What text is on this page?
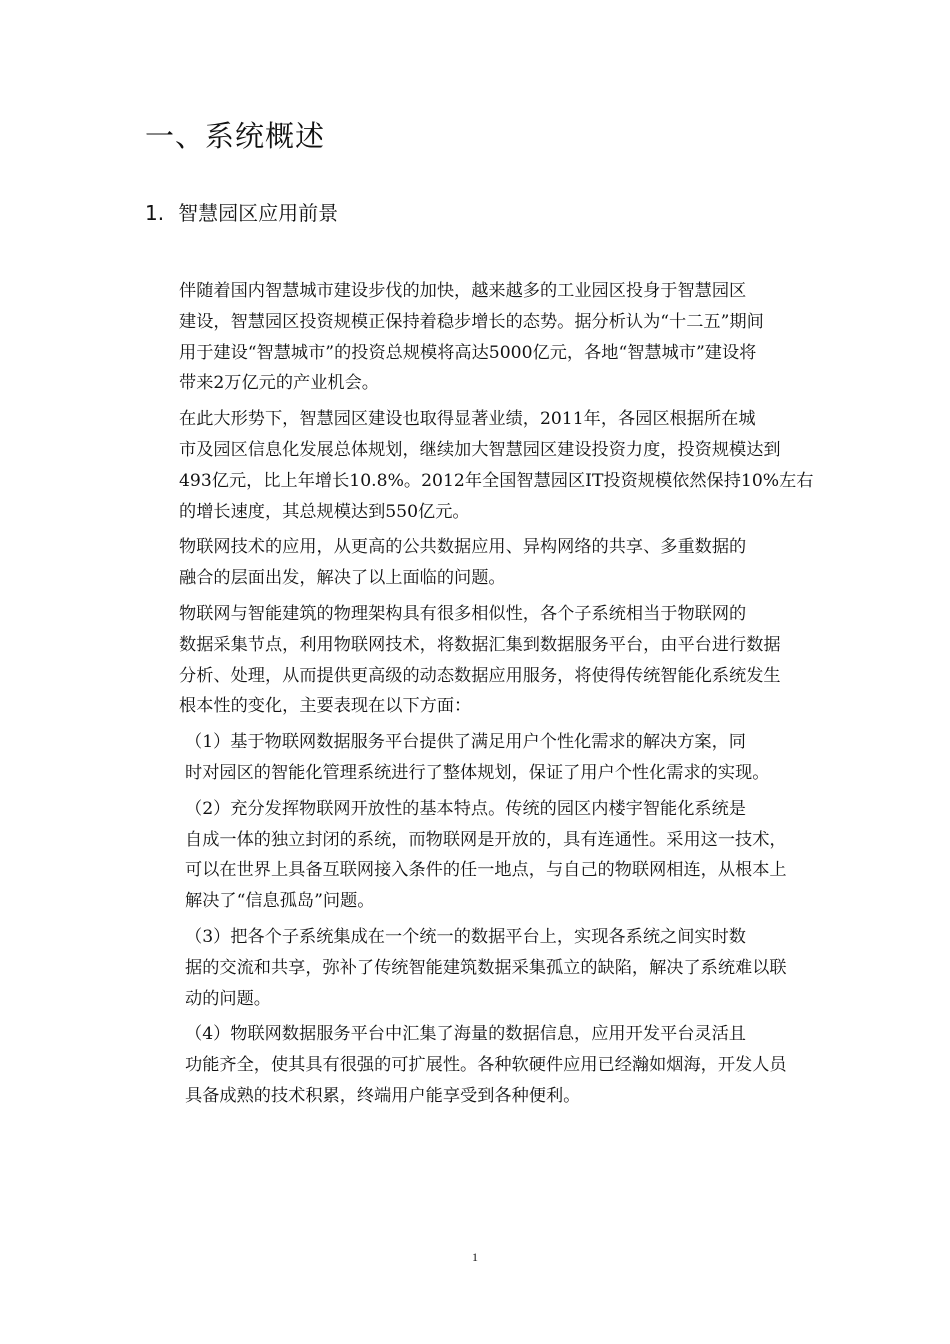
一、系统概述
1. 智慧园区应用前景

伴随着国内智慧城市建设步伐的加快，越来越多的工业园区投身于智慧园区
建设，智慧园区投资规模正保持着稳步增长的态势。据分析认为“十二五”期间
用于建设“智慧城市”的投资总规模将高达5000亿元，各地“智慧城市”建设将
带来2万亿元的产业机会。

在此大形势下，智慧园区建设也取得显著业绩，2011年，各园区根据所在城
市及园区信息化发展总体规划，继续加大智慧园区建设投资力度，投资规模达到
493亿元，比上年增长10.8%。2012年全国智慧园区IT投资规模依然保持10%左右
的增长速度，其总规模达到550亿元。

物联网技术的应用，从更高的公共数据应用、异构网络的共享、多重数据的
融合的层面出发，解决了以上面临的问题。

物联网与智能建筑的物理架构具有很多相似性，各个子系统相当于物联网的
数据采集节点，利用物联网技术，将数据汇集到数据服务平台，由平台进行数据
分析、处理，从而提供更高级的动态数据应用服务，将使得传统智能化系统发生
根本性的变化，主要表现在以下方面：

（1）基于物联网数据服务平台提供了满足用户个性化需求的解决方案，同
时对园区的智能化管理系统进行了整体规划，保证了用户个性化需求的实现。

（2）充分发挥物联网开放性的基本特点。传统的园区内楼宇智能化系统是
自成一体的独立封闭的系统，而物联网是开放的，具有连通性。采用这一技术，
可以在世界上具备互联网接入条件的任一地点，与自己的物联网相连，从根本上
解决了“信息孤岛”问题。

（3）把各个子系统集成在一个统一的数据平台上，实现各系统之间实时数
据的交流和共享，弥补了传统智能建筑数据采集孤立的缺陷，解决了系统难以联
动的问题。

（4）物联网数据服务平台中汇集了海量的数据信息，应用开发平台灵活且
功能齐全，使其具有很强的可扩展性。各种软硬件应用已经瀚如烟海，开发人员
具备成熟的技术积累，终端用户能享受到各种便利。

1
